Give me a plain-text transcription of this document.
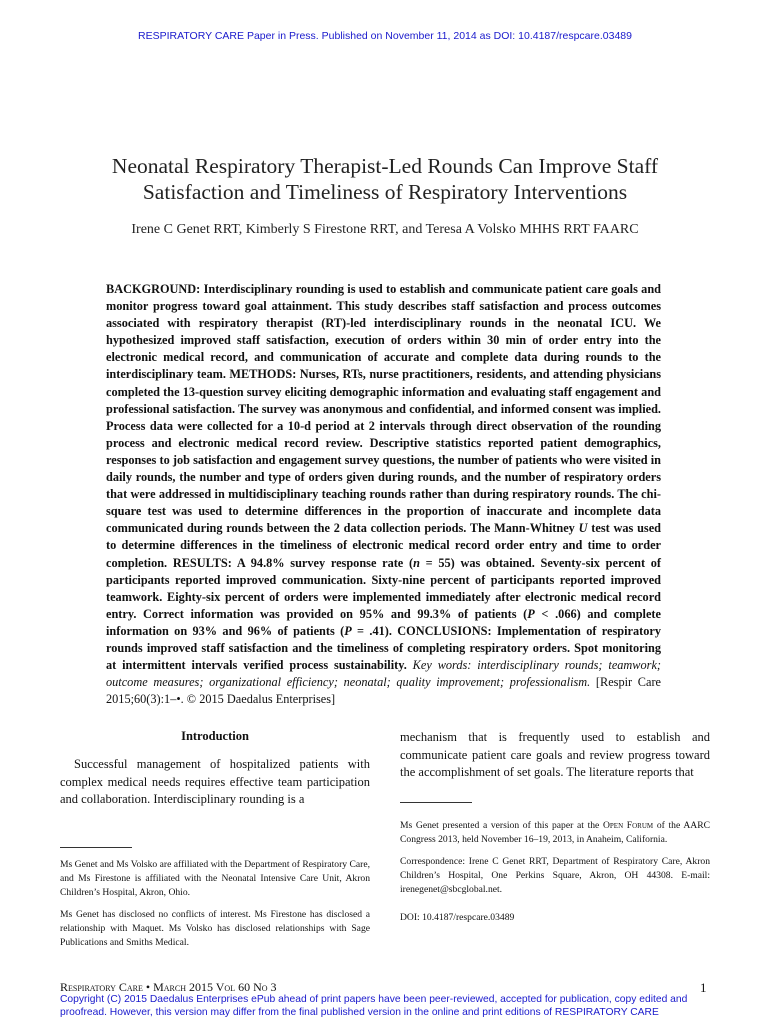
RESPIRATORY CARE Paper in Press. Published on November 11, 2014 as DOI: 10.4187/respcare.03489
Neonatal Respiratory Therapist-Led Rounds Can Improve Staff
Satisfaction and Timeliness of Respiratory Interventions
Irene C Genet RRT, Kimberly S Firestone RRT, and Teresa A Volsko MHHS RRT FAARC
BACKGROUND: Interdisciplinary rounding is used to establish and communicate patient care goals and monitor progress toward goal attainment. This study describes staff satisfaction and process outcomes associated with respiratory therapist (RT)-led interdisciplinary rounds in the neonatal ICU. We hypothesized improved staff satisfaction, execution of orders within 30 min of order entry into the electronic medical record, and communication of accurate and complete data during rounds to the interdisciplinary team. METHODS: Nurses, RTs, nurse practitioners, residents, and attending physicians completed the 13-question survey eliciting demographic information and evaluating staff engagement and professional satisfaction. The survey was anonymous and confidential, and informed consent was implied. Process data were collected for a 10-d period at 2 intervals through direct observation of the rounding process and electronic medical record review. Descriptive statistics reported patient demographics, responses to job satisfaction and engagement survey questions, the number of patients who were visited in daily rounds, the number and type of orders given during rounds, and the number of respiratory orders that were addressed in multidisciplinary teaching rounds rather than during respiratory rounds. The chi-square test was used to determine differences in the proportion of inaccurate and incomplete data communicated during rounds between the 2 data collection periods. The Mann-Whitney U test was used to determine differences in the timeliness of electronic medical record order entry and time to order completion. RESULTS: A 94.8% survey response rate (n = 55) was obtained. Seventy-six percent of participants reported improved communication. Sixty-nine percent of participants reported improved teamwork. Eighty-six percent of orders were implemented immediately after electronic medical record entry. Correct information was provided on 95% and 99.3% of patients (P < .066) and complete information on 93% and 96% of patients (P = .41). CONCLUSIONS: Implementation of respiratory rounds improved staff satisfaction and the timeliness of completing respiratory orders. Spot monitoring at intermittent intervals verified process sustainability. Key words: interdisciplinary rounds; teamwork; outcome measures; organizational efficiency; neonatal; quality improvement; professionalism. [Respir Care 2015;60(3):1–•. © 2015 Daedalus Enterprises]
Introduction

Successful management of hospitalized patients with complex medical needs requires effective team participation and collaboration. Interdisciplinary rounding is a

Ms Genet and Ms Volsko are affiliated with the Department of Respiratory Care, and Ms Firestone is affiliated with the Neonatal Intensive Care Unit, Akron Children’s Hospital, Akron, Ohio.

Ms Genet has disclosed no conflicts of interest. Ms Firestone has disclosed a relationship with Maquet. Ms Volsko has disclosed relationships with Sage Publications and Smiths Medical.

mechanism that is frequently used to establish and communicate patient care goals and review progress toward the accomplishment of set goals. The literature reports that

Ms Genet presented a version of this paper at the Open Forum of the AARC Congress 2013, held November 16–19, 2013, in Anaheim, California.

Correspondence: Irene C Genet RRT, Department of Respiratory Care, Akron Children’s Hospital, One Perkins Square, Akron, OH 44308. E-mail: irenegenet@sbcglobal.net.

DOI: 10.4187/respcare.03489

Respiratory Care • March 2015 Vol 60 No 3	1
Copyright (C) 2015 Daedalus Enterprises ePub ahead of print papers have been peer-reviewed, accepted for publication, copy edited and proofread. However, this version may differ from the final published version in the online and print editions of RESPIRATORY CARE
